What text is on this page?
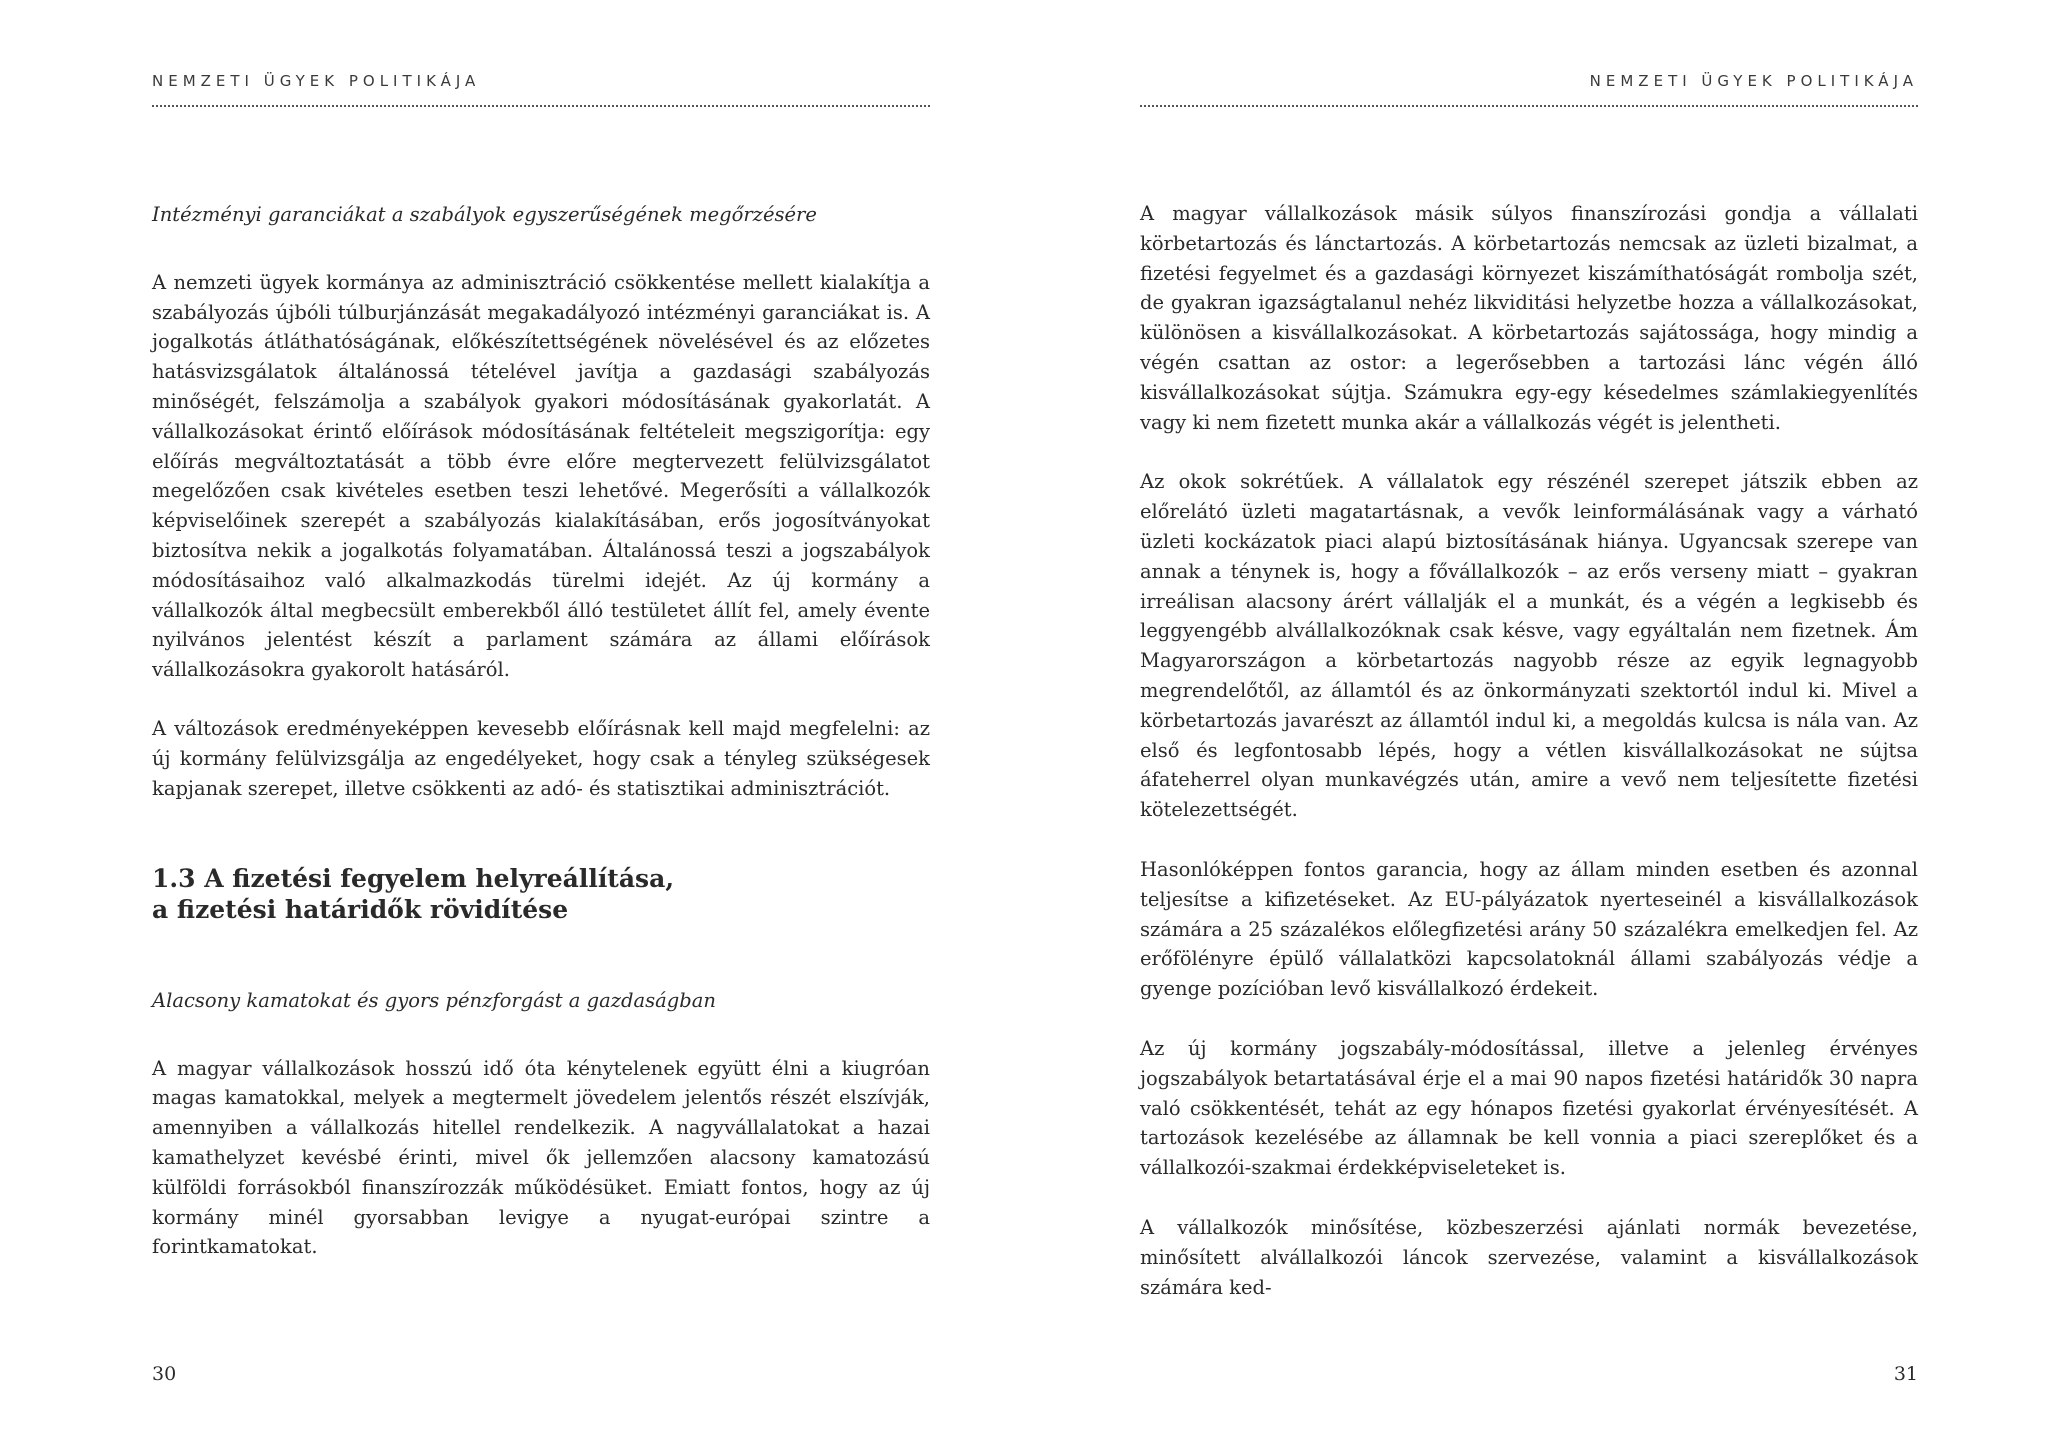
NEMZETI ÜGYEK POLITIKÁJA
Intézményi garanciákat a szabályok egyszerűségének megőrzésére

A nemzeti ügyek kormánya az adminisztráció csökkentése mellett kialakítja a szabályozás újbóli túlburjánzását megakadályozó intézményi garanciákat is. A jogalkotás átláthatóságának, előkészítettségének növelésével és az előzetes hatásvizsgálatok általánossá tételével javítja a gazdasági szabályozás minőségét, felszámolja a szabályok gyakori módosításának gyakorlatát. A vállalkozásokat érintő előírások módosításának feltételeit megszigorítja: egy előírás megváltoztatását a több évre előre megtervezett felülvizsgálatot megelőzően csak kivételes esetben teszi lehetővé. Megerősíti a vállalkozók képviselőinek szerepét a szabályozás kialakításában, erős jogosítványokat biztosítva nekik a jogalkotás folyamatában. Általánossá teszi a jogszabályok módosításaihoz való alkalmazkodás türelmi idejét. Az új kormány a vállalkozók által megbecsült emberekből álló testületet állít fel, amely évente nyilvános jelentést készít a parlament számára az állami előírások vállalkozásokra gyakorolt hatásáról.

A változások eredményeképpen kevesebb előírásnak kell majd megfelelni: az új kormány felülvizsgálja az engedélyeket, hogy csak a tényleg szükségesek kapjanak szerepet, illetve csökkenti az adó- és statisztikai adminisztrációt.

1.3 A fizetési fegyelem helyreállítása,
a fizetési határidők rövidítése
Alacsony kamatokat és gyors pénzforgást a gazdaságban

A magyar vállalkozások hosszú idő óta kénytelenek együtt élni a kiugróan magas kamatokkal, melyek a megtermelt jövedelem jelentős részét elszívják, amennyiben a vállalkozás hitellel rendelkezik. A nagyvállalatokat a hazai kamathelyzet kevésbé érinti, mivel ők jellemzően alacsony kamatozású külföldi forrásokból finanszírozzák működésüket. Emiatt fontos, hogy az új kormány minél gyorsabban levigye a nyugat-európai szintre a forintkamatokat.

30
NEMZETI ÜGYEK POLITIKÁJA

A magyar vállalkozások másik súlyos finanszírozási gondja a vállalati körbetartozás és lánctartozás. A körbetartozás nemcsak az üzleti bizalmat, a fizetési fegyelmet és a gazdasági környezet kiszámíthatóságát rombolja szét, de gyakran igazságtalanul nehéz likviditási helyzetbe hozza a vállalkozásokat, különösen a kisvállalkozásokat. A körbetartozás sajátossága, hogy mindig a végén csattan az ostor: a legerősebben a tartozási lánc végén álló kisvállalkozásokat sújtja. Számukra egy-egy késedelmes számlakiegyenlítés vagy ki nem fizetett munka akár a vállalkozás végét is jelentheti.

Az okok sokrétűek. A vállalatok egy részénél szerepet játszik ebben az előrelátó üzleti magatartásnak, a vevők leinformálásának vagy a várható üzleti kockázatok piaci alapú biztosításának hiánya. Ugyancsak szerepe van annak a ténynek is, hogy a fővállalkozók – az erős verseny miatt – gyakran irreálisan alacsony árért vállalják el a munkát, és a végén a legkisebb és leggyengébb alvállalkozóknak csak késve, vagy egyáltalán nem fizetnek. Ám Magyarországon a körbetartozás nagyobb része az egyik legnagyobb megrendelőtől, az államtól és az önkormányzati szektortól indul ki. Mivel a körbetartozás javarészt az államtól indul ki, a megoldás kulcsa is nála van. Az első és legfontosabb lépés, hogy a vétlen kisvállalkozásokat ne sújtsa áfateherrel olyan munkavégzés után, amire a vevő nem teljesítette fizetési kötelezettségét.

Hasonlóképpen fontos garancia, hogy az állam minden esetben és azonnal teljesítse a kifizetéseket. Az EU-pályázatok nyerteseinél a kisvállalkozások számára a 25 százalékos előlegfizetési arány 50 százalékra emelkedjen fel. Az erőfölényre épülő vállalatközi kapcsolatoknál állami szabályozás védje a gyenge pozícióban levő kisvállalkozó érdekeit.

Az új kormány jogszabály-módosítással, illetve a jelenleg érvényes jogszabályok betartatásával érje el a mai 90 napos fizetési határidők 30 napra való csökkentését, tehát az egy hónapos fizetési gyakorlat érvényesítését. A tartozások kezelésébe az államnak be kell vonnia a piaci szereplőket és a vállalkozói-szakmai érdekképviseleteket is.

A vállalkozók minősítése, közbeszerzési ajánlati normák bevezetése, minősített alvállalkozói láncok szervezése, valamint a kisvállalkozások számára ked-

31
